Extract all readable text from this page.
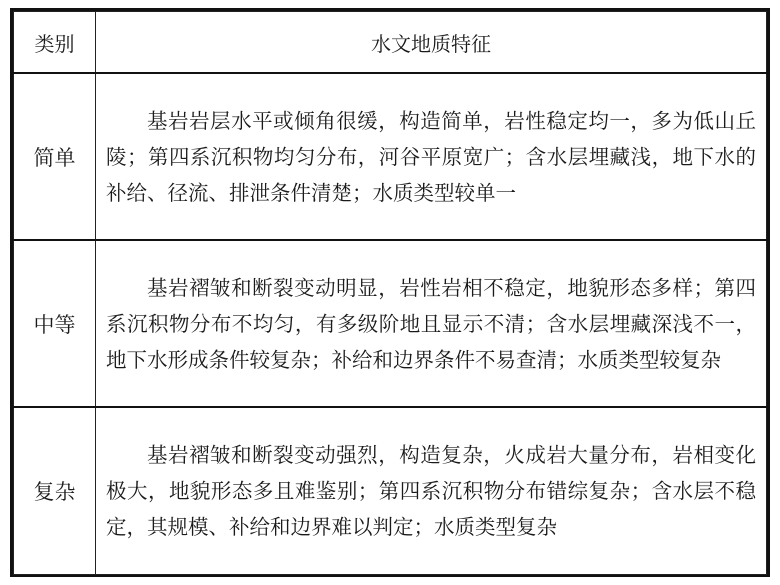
类别	水文地质特征
简单	基岩岩层水平或倾角很缓，构造简单，岩性稳定均一，多为低山丘陵；第四系沉积物均匀分布，河谷平原宽广；含水层埋藏浅，地下水的补给、径流、排泄条件清楚；水质类型较单一
中等	基岩褶皱和断裂变动明显，岩性岩相不稳定，地貌形态多样；第四系沉积物分布不均匀，有多级阶地且显示不清；含水层埋藏深浅不一，地下水形成条件较复杂；补给和边界条件不易查清；水质类型较复杂
复杂	基岩褶皱和断裂变动强烈，构造复杂，火成岩大量分布，岩相变化极大，地貌形态多且难鉴别；第四系沉积物分布错综复杂；含水层不稳定，其规模、补给和边界难以判定；水质类型复杂
